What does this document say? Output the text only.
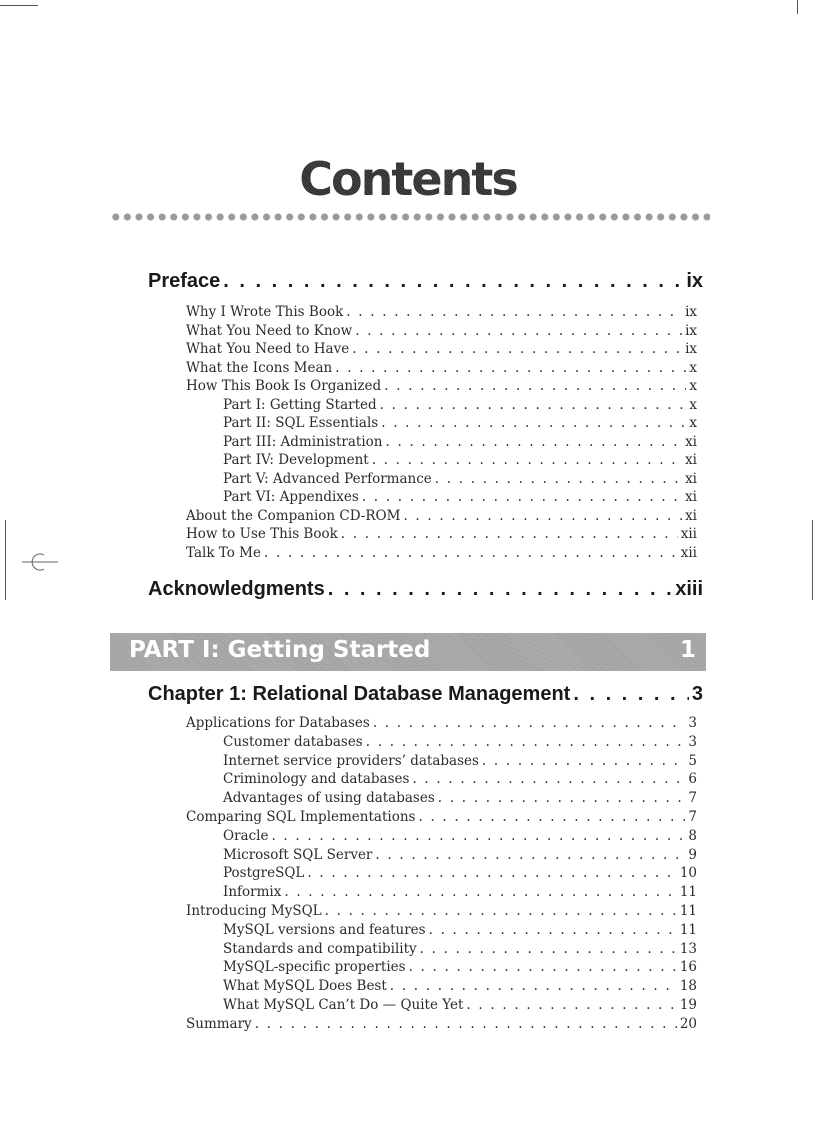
Contents
Preface . . .	ix
Why I Wrote This Book . . .	ix
What You Need to Know . . .	ix
What You Need to Have . . .	ix
What the Icons Mean . . .	x
How This Book Is Organized . . .	x
Part I: Getting Started . . .	x
Part II: SQL Essentials . . .	x
Part III: Administration . . .	xi
Part IV: Development . . .	xi
Part V: Advanced Performance . . .	xi
Part VI: Appendixes . . .	xi
About the Companion CD-ROM . . .	xi
How to Use This Book . . .	xii
Talk To Me . . .	xii
Acknowledgments . . .	xiii
PART I: Getting Started	1
Chapter 1: Relational Database Management . . .	3
Applications for Databases . . .	3
Customer databases . . .	3
Internet service providers’ databases . . .	5
Criminology and databases . . .	6
Advantages of using databases . . .	7
Comparing SQL Implementations . . .	7
Oracle . . .	8
Microsoft SQL Server . . .	9
PostgreSQL . . .	10
Informix . . .	11
Introducing MySQL . . .	11
MySQL versions and features . . .	11
Standards and compatibility . . .	13
MySQL-specific properties . . .	16
What MySQL Does Best . . .	18
What MySQL Can’t Do — Quite Yet . . .	19
Summary . . .	20
